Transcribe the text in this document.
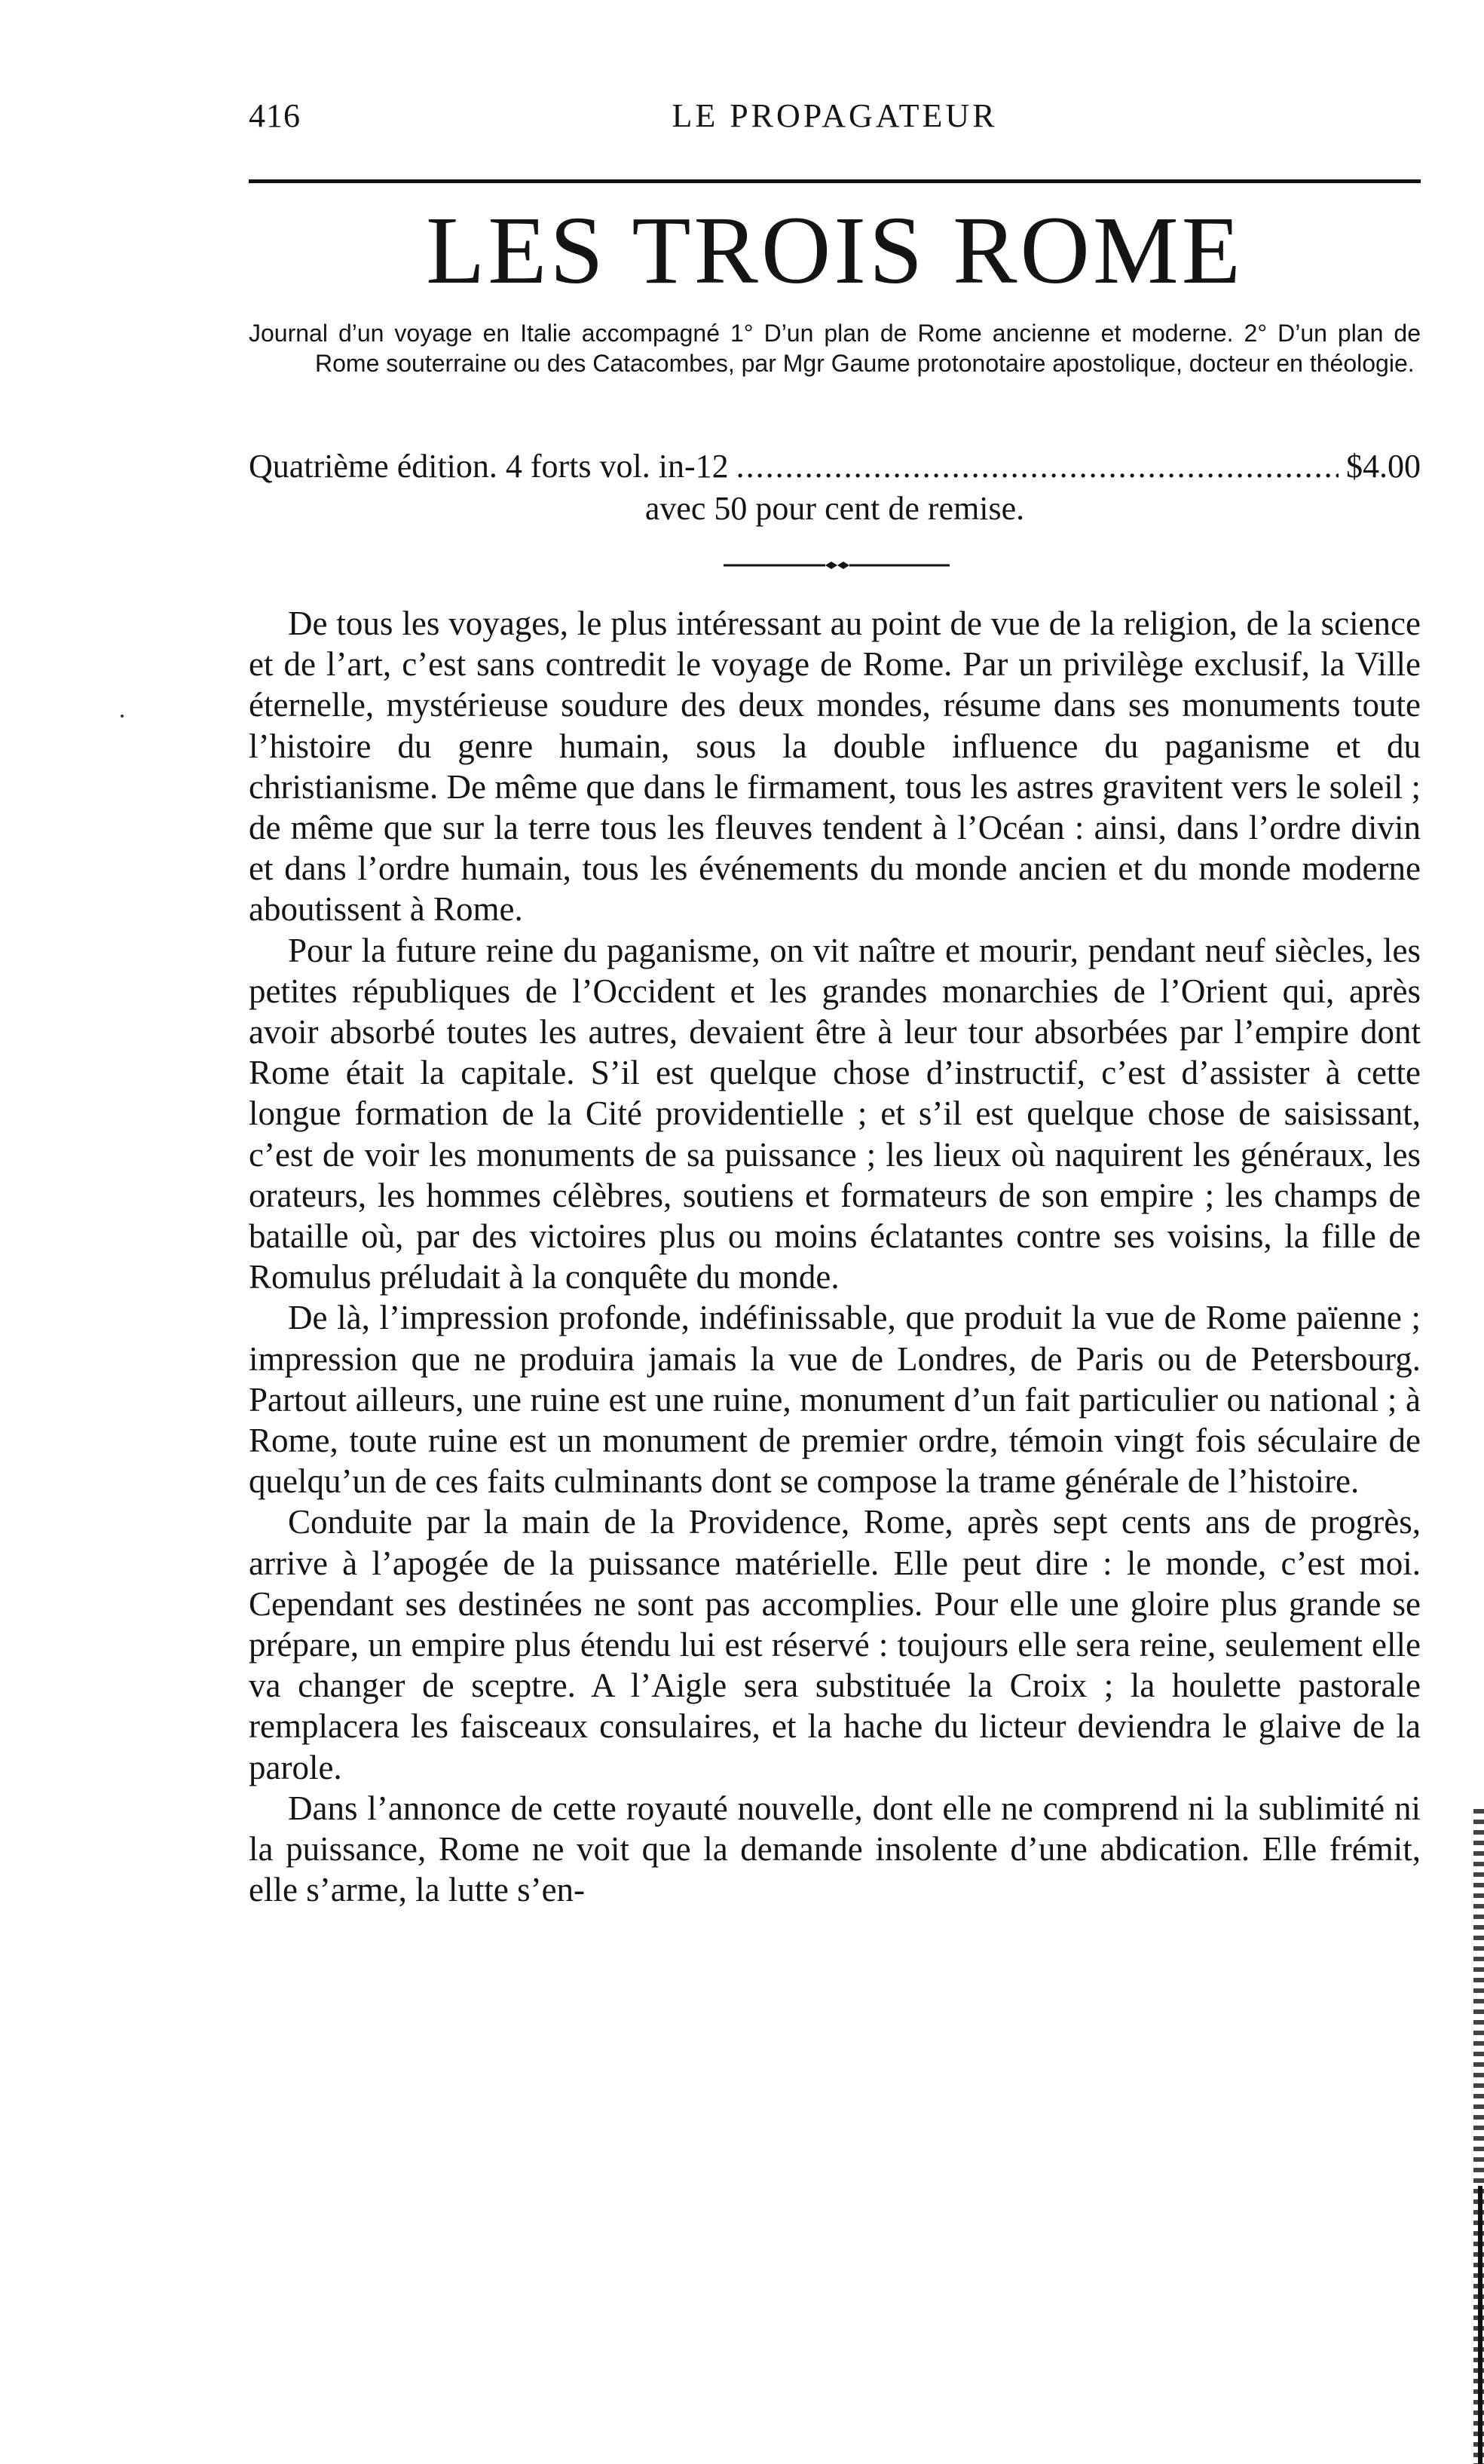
416	LE PROPAGATEUR
LES TROIS ROME
Journal d’un voyage en Italie accompagné 1° D’un plan de Rome ancienne et moderne. 2° D’un plan de Rome souterraine ou des Catacombes, par Mgr Gaume protonotaire apostolique, docteur en théologie.
Quatrième édition. 4 forts vol. in-12
.....	$4.00
avec 50 pour cent de remise.

De tous les voyages, le plus intéressant au point de vue de la religion, de la science et de l’art, c’est sans contredit le voyage de Rome. Par un privilège exclusif, la Ville éternelle, mystérieuse soudure des deux mondes, résume dans ses monuments toute l’histoire du genre humain, sous la double influence du paganisme et du christianisme. De même que dans le firmament, tous les astres gravitent vers le soleil ; de même que sur la terre tous les fleuves tendent à l’Océan : ainsi, dans l’ordre divin et dans l’ordre humain, tous les événements du monde ancien et du monde moderne aboutissent à Rome.

Pour la future reine du paganisme, on vit naître et mourir, pendant neuf siècles, les petites républiques de l’Occident et les grandes monarchies de l’Orient qui, après avoir absorbé toutes les autres, devaient être à leur tour absorbées par l’empire dont Rome était la capitale. S’il est quelque chose d’instructif, c’est d’assister à cette longue formation de la Cité providentielle ; et s’il est quelque chose de saisissant, c’est de voir les monuments de sa puissance ; les lieux où naquirent les généraux, les orateurs, les hommes célèbres, soutiens et formateurs de son empire ; les champs de bataille où, par des victoires plus ou moins éclatantes contre ses voisins, la fille de Romulus préludait à la conquête du monde.

De là, l’impression profonde, indéfinissable, que produit la vue de Rome païenne ; impression que ne produira jamais la vue de Londres, de Paris ou de Petersbourg. Partout ailleurs, une ruine est une ruine, monument d’un fait particulier ou national ; à Rome, toute ruine est un monument de premier ordre, témoin vingt fois séculaire de quelqu’un de ces faits culminants dont se compose la trame générale de l’histoire.

Conduite par la main de la Providence, Rome, après sept cents ans de progrès, arrive à l’apogée de la puissance matérielle. Elle peut dire : le monde, c’est moi. Cependant ses destinées ne sont pas accomplies. Pour elle une gloire plus grande se prépare, un empire plus étendu lui est réservé : toujours elle sera reine, seulement elle va changer de sceptre. A l’Aigle sera substituée la Croix ; la houlette pastorale remplacera les faisceaux consulaires, et la hache du licteur deviendra le glaive de la parole.

Dans l’annonce de cette royauté nouvelle, dont elle ne comprend ni la sublimité ni la puissance, Rome ne voit que la demande insolente d’une abdication. Elle frémit, elle s’arme, la lutte s’en-
